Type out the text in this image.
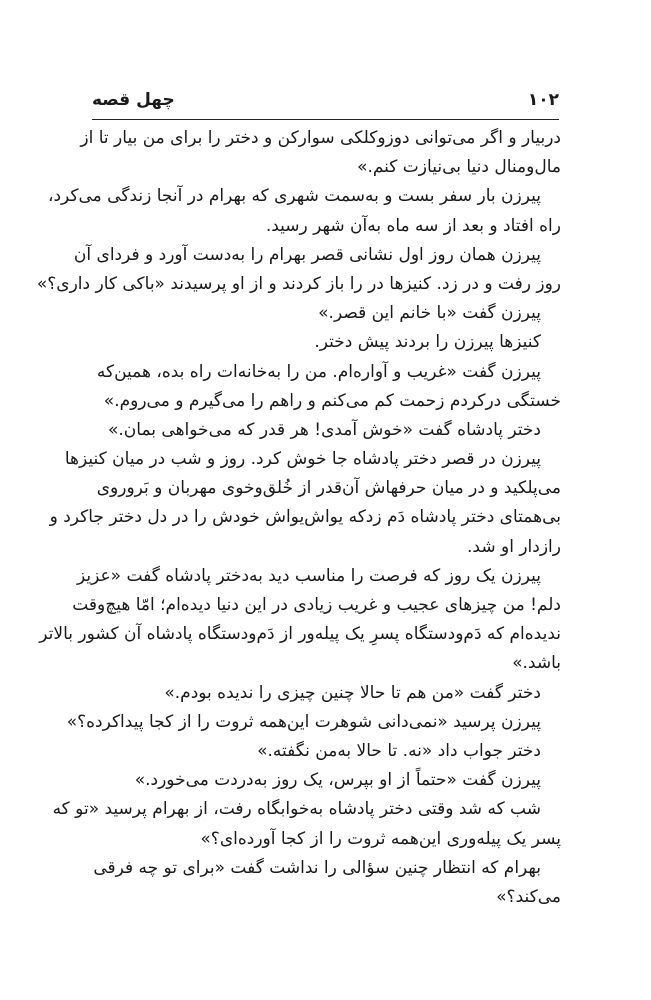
۱۰۲
چهل قصه
دربیار و اگر می‌توانی دوزوکلکی سوارکن و دختر را برای من بیار تا از
مال‌ومنال دنیا بی‌نیازت کنم.»
پیرزن بار سفر بست و به‌سمت شهری که بهرام در آنجا زندگی می‌کرد،
راه افتاد و بعد از سه ماه به‌آن شهر رسید.
پیرزن همان روز اول نشانی قصر بهرام را به‌دست آورد و فردای آن
روز رفت و در زد. کنیزها در را باز کردند و از او پرسیدند «باکی کار داری؟»
پیرزن گفت «با خانم این قصر.»
کنیزها پیرزن را بردند پیش دختر.
پیرزن گفت «غریب و آواره‌ام. من را به‌خانه‌ات راه بده، همین‌که
خستگی درکردم زحمت کم می‌کنم و راهم را می‌گیرم و می‌روم.»
دختر پادشاه گفت «خوش آمدی! هر قدر که می‌خواهی بمان.»
پیرزن در قصر دختر پادشاه جا خوش کرد. روز و شب در میان کنیزها
می‌پلکید و در میان حرفهاش آن‌قدر از خُلق‌وخوی مهربان و بَروروی
بی‌همتای دختر پادشاه دَم زدکه یواش‌یواش خودش را در دل دختر جاکرد و
رازدار او شد.
پیرزن یک روز که فرصت را مناسب دید به‌دختر پادشاه گفت «عزیز
دلم! من چیزهای عجیب و غریب زیادی در این دنیا دیده‌ام؛ امّا هیچ‌وقت
ندیده‌ام که دَم‌ودستگاه پسرِ یک پیله‌ور از دَم‌ودستگاه پادشاه آن کشور بالاتر
باشد.»
دختر گفت «من هم تا حالا چنین چیزی را ندیده بودم.»
پیرزن پرسید «نمی‌دانی شوهرت این‌همه ثروت را از کجا پیداکرده؟»
دختر جواب داد «نه. تا حالا به‌من نگفته.»
پیرزن گفت «حتماً از او بپرس، یک روز به‌دردت می‌خورد.»
شب که شد وقتی دختر پادشاه به‌خوابگاه رفت، از بهرام پرسید «تو که
پسر یک پیله‌وری این‌همه ثروت را از کجا آورده‌ای؟»
بهرام که انتظار چنین سؤالی را نداشت گفت «برای تو چه فرقی
می‌کند؟»
